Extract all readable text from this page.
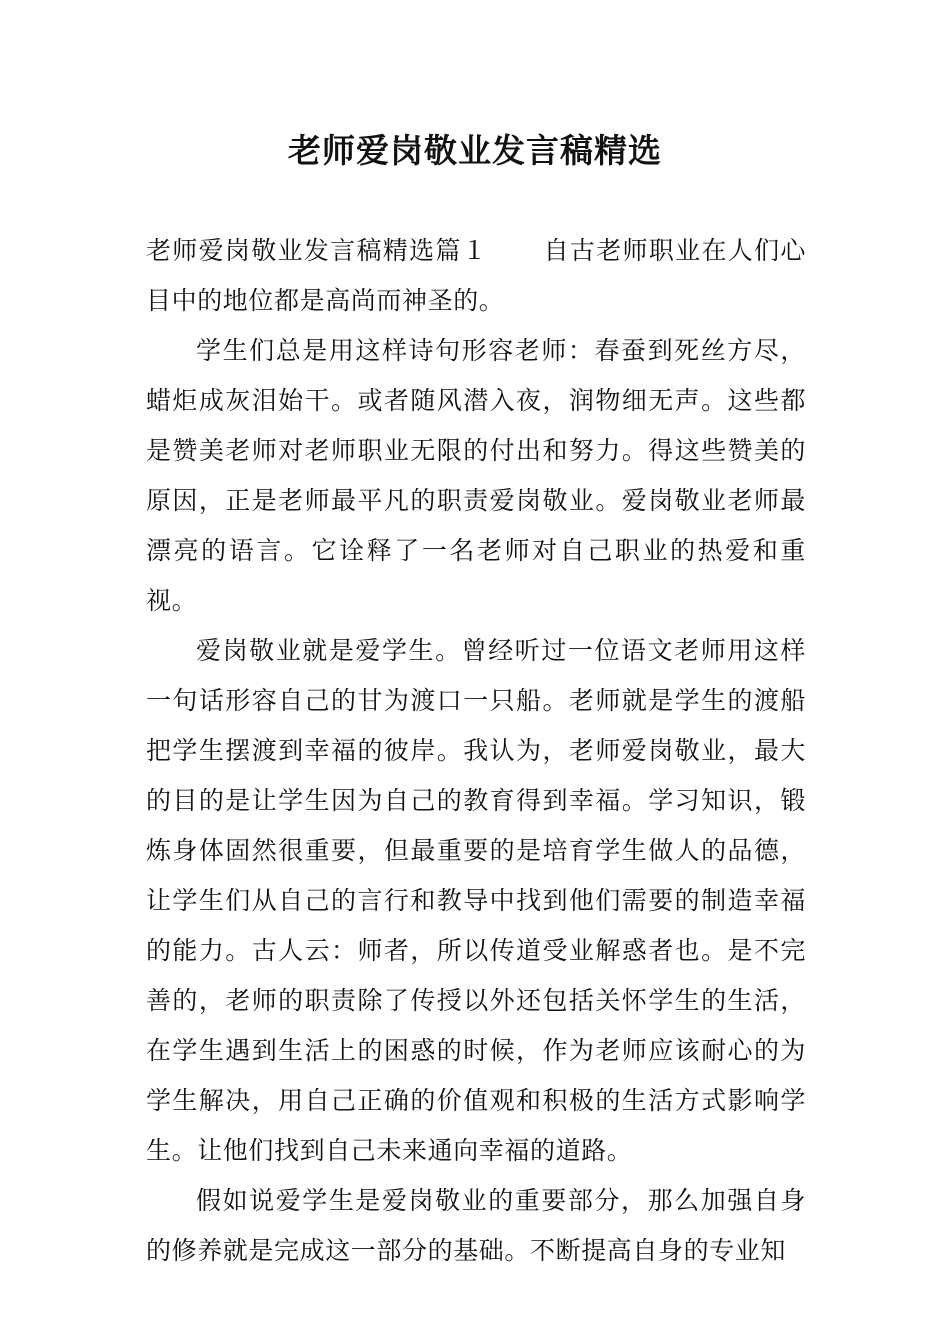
老师爱岗敬业发言稿精选

老师爱岗敬业发言稿精选篇１ 自古老师职业在人们心目中的地位都是高尚而神圣的。

学生们总是用这样诗句形容老师：春蚕到死丝方尽，蜡炬成灰泪始干。或者随风潜入夜，润物细无声。这些都是赞美老师对老师职业无限的付出和努力。得这些赞美的原因，正是老师最平凡的职责爱岗敬业。爱岗敬业老师最漂亮的语言。它诠释了一名老师对自己职业的热爱和重视。

爱岗敬业就是爱学生。曾经听过一位语文老师用这样一句话形容自己的甘为渡口一只船。老师就是学生的渡船把学生摆渡到幸福的彼岸。我认为，老师爱岗敬业，最大的目的是让学生因为自己的教育得到幸福。学习知识，锻炼身体固然很重要，但最重要的是培育学生做人的品德，让学生们从自己的言行和教导中找到他们需要的制造幸福的能力。古人云：师者，所以传道受业解惑者也。是不完善的，老师的职责除了传授以外还包括关怀学生的生活，在学生遇到生活上的困惑的时候，作为老师应该耐心的为学生解决，用自己正确的价值观和积极的生活方式影响学生。让他们找到自己未来通向幸福的道路。

假如说爱学生是爱岗敬业的重要部分，那么加强自身的修养就是完成这一部分的基础。不断提高自身的专业知
